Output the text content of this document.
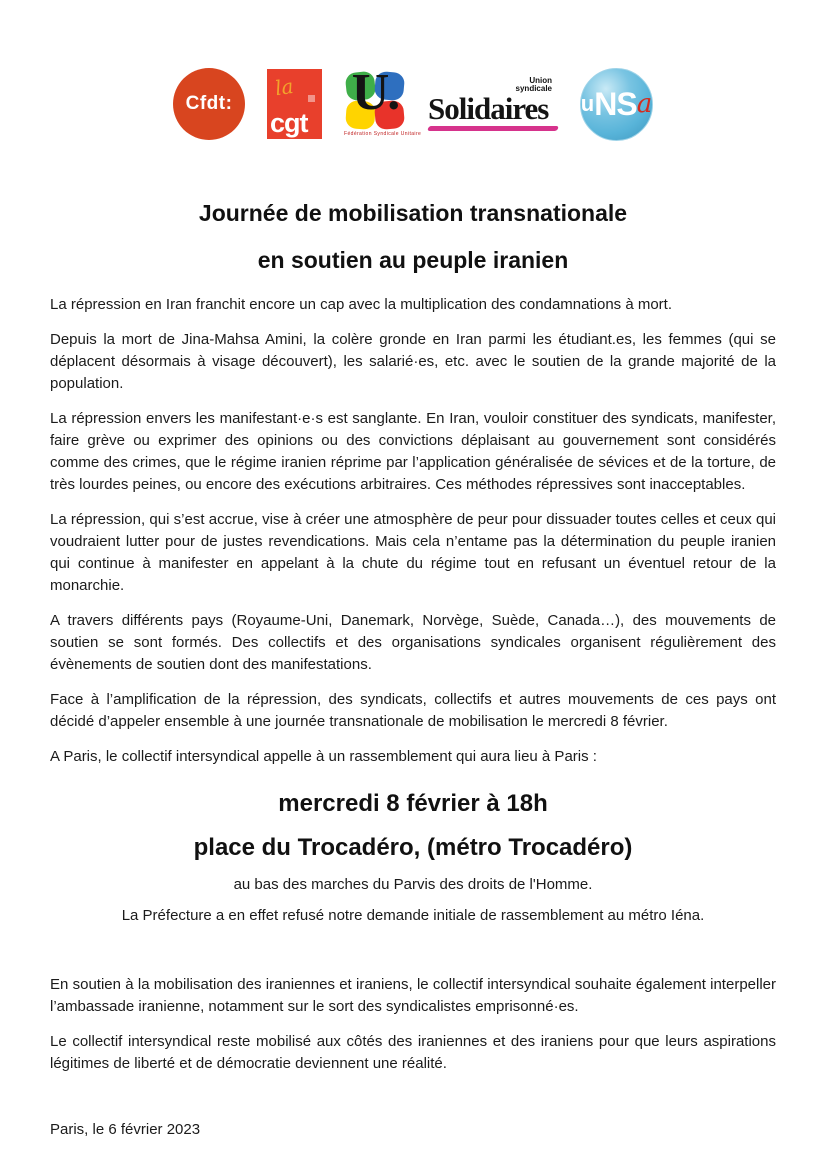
Cfdt:
la
cgt
U.
Fédération Syndicale Unitaire
Union
syndicale
Solidaires	u NS a
Journée de mobilisation transnationale
en soutien au peuple iranien

La répression en Iran franchit encore un cap avec la multiplication des condamnations à mort.

Depuis la mort de Jina-Mahsa Amini, la colère gronde en Iran parmi les étudiant.es, les femmes (qui se déplacent désormais à visage découvert), les salarié·es, etc. avec le soutien de la grande majorité de la population.

La répression envers les manifestant·e·s est sanglante. En Iran, vouloir constituer des syndicats, manifester, faire grève ou exprimer des opinions ou des convictions déplaisant au gouvernement sont considérés comme des crimes, que le régime iranien réprime par l’application généralisée de sévices et de la torture, de très lourdes peines, ou encore des exécutions arbitraires. Ces méthodes répressives sont inacceptables.

La répression, qui s’est accrue, vise à créer une atmosphère de peur pour dissuader toutes celles et ceux qui voudraient lutter pour de justes revendications. Mais cela n’entame pas la détermination du peuple iranien qui continue à manifester en appelant à la chute du régime tout en refusant un éventuel retour de la monarchie.

A travers différents pays (Royaume-Uni, Danemark, Norvège, Suède, Canada…), des mouvements de soutien se sont formés. Des collectifs et des organisations syndicales organisent régulièrement des évènements de soutien dont des manifestations.

Face à l’amplification de la répression, des syndicats, collectifs et autres mouvements de ces pays ont décidé d’appeler ensemble à une journée transnationale de mobilisation le mercredi 8 février.

A Paris, le collectif intersyndical appelle à un rassemblement qui aura lieu à Paris :

mercredi 8 février à 18h
place du Trocadéro, (métro Trocadéro)
au bas des marches du Parvis des droits de l'Homme.
La Préfecture a en effet refusé notre demande initiale de rassemblement au métro Iéna.

En soutien à la mobilisation des iraniennes et iraniens, le collectif intersyndical souhaite également interpeller l’ambassade iranienne, notamment sur le sort des syndicalistes emprisonné·es.

Le collectif intersyndical reste mobilisé aux côtés des iraniennes et des iraniens pour que leurs aspirations légitimes de liberté et de démocratie deviennent une réalité.

Paris, le 6 février 2023
